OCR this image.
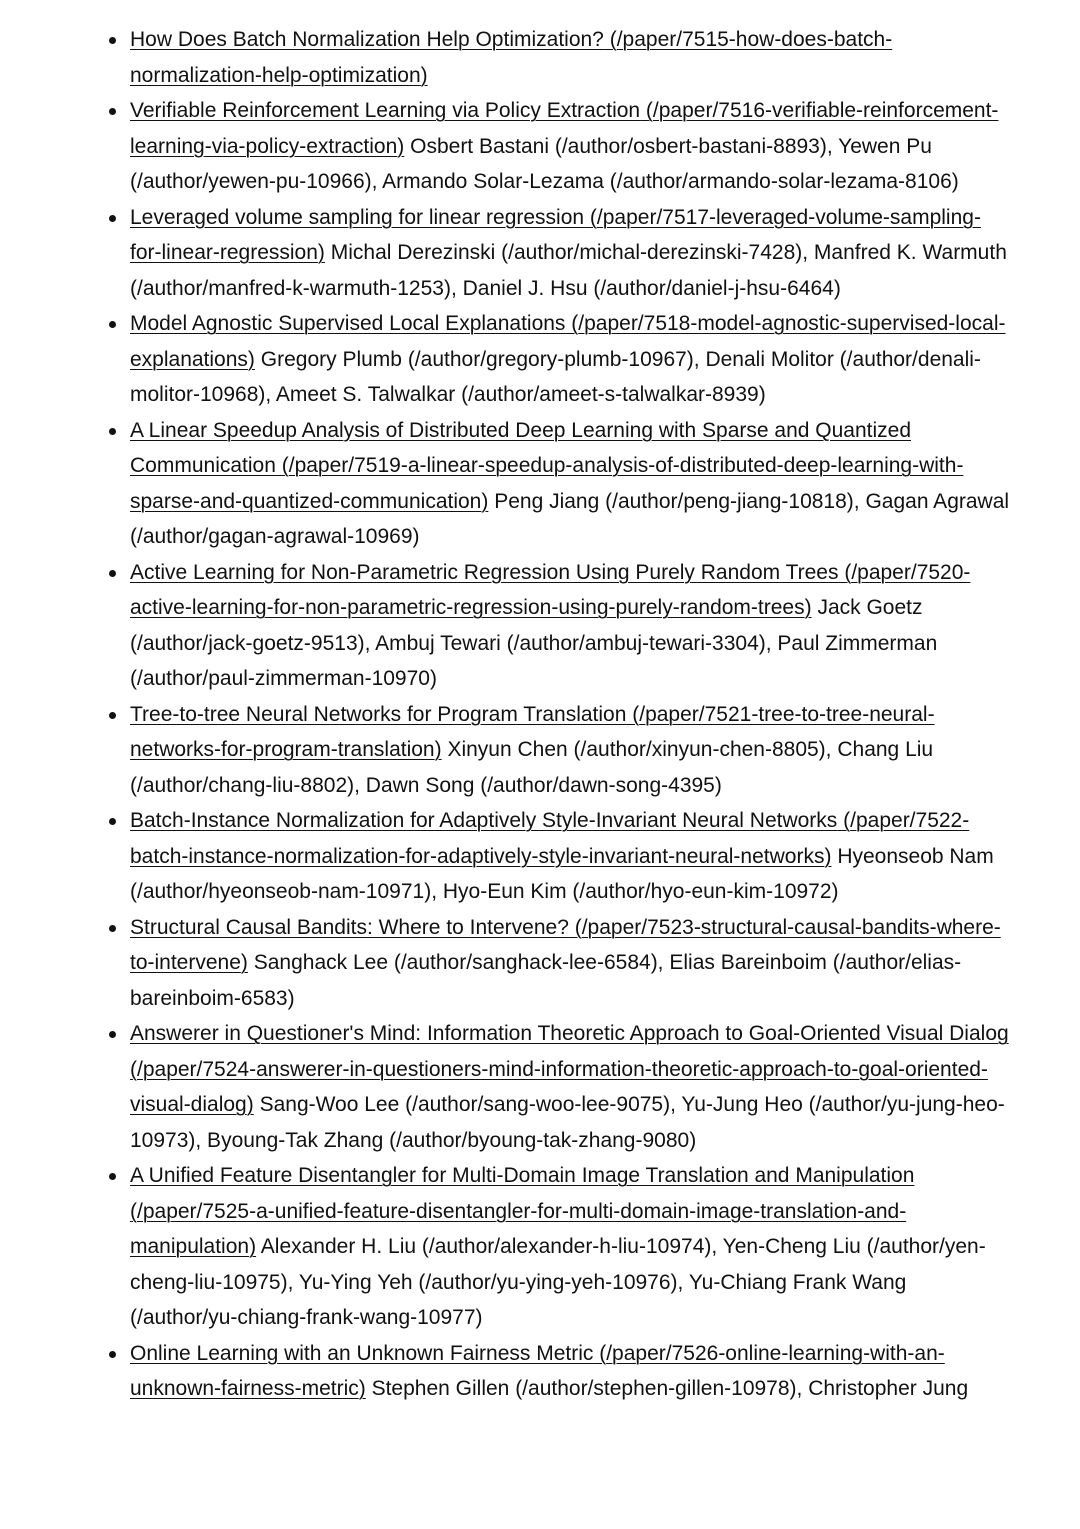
How Does Batch Normalization Help Optimization? (/paper/7515-how-does-batch-normalization-help-optimization)
Verifiable Reinforcement Learning via Policy Extraction (/paper/7516-verifiable-reinforcement-learning-via-policy-extraction) Osbert Bastani (/author/osbert-bastani-8893), Yewen Pu (/author/yewen-pu-10966), Armando Solar-Lezama (/author/armando-solar-lezama-8106)
Leveraged volume sampling for linear regression (/paper/7517-leveraged-volume-sampling-for-linear-regression) Michal Derezinski (/author/michal-derezinski-7428), Manfred K. Warmuth (/author/manfred-k-warmuth-1253), Daniel J. Hsu (/author/daniel-j-hsu-6464)
Model Agnostic Supervised Local Explanations (/paper/7518-model-agnostic-supervised-local-explanations) Gregory Plumb (/author/gregory-plumb-10967), Denali Molitor (/author/denali-molitor-10968), Ameet S. Talwalkar (/author/ameet-s-talwalkar-8939)
A Linear Speedup Analysis of Distributed Deep Learning with Sparse and Quantized Communication (/paper/7519-a-linear-speedup-analysis-of-distributed-deep-learning-with-sparse-and-quantized-communication) Peng Jiang (/author/peng-jiang-10818), Gagan Agrawal (/author/gagan-agrawal-10969)
Active Learning for Non-Parametric Regression Using Purely Random Trees (/paper/7520-active-learning-for-non-parametric-regression-using-purely-random-trees) Jack Goetz (/author/jack-goetz-9513), Ambuj Tewari (/author/ambuj-tewari-3304), Paul Zimmerman (/author/paul-zimmerman-10970)
Tree-to-tree Neural Networks for Program Translation (/paper/7521-tree-to-tree-neural-networks-for-program-translation) Xinyun Chen (/author/xinyun-chen-8805), Chang Liu (/author/chang-liu-8802), Dawn Song (/author/dawn-song-4395)
Batch-Instance Normalization for Adaptively Style-Invariant Neural Networks (/paper/7522-batch-instance-normalization-for-adaptively-style-invariant-neural-networks) Hyeonseob Nam (/author/hyeonseob-nam-10971), Hyo-Eun Kim (/author/hyo-eun-kim-10972)
Structural Causal Bandits: Where to Intervene? (/paper/7523-structural-causal-bandits-where-to-intervene) Sanghack Lee (/author/sanghack-lee-6584), Elias Bareinboim (/author/elias-bareinboim-6583)
Answerer in Questioner's Mind: Information Theoretic Approach to Goal-Oriented Visual Dialog (/paper/7524-answerer-in-questioners-mind-information-theoretic-approach-to-goal-oriented-visual-dialog) Sang-Woo Lee (/author/sang-woo-lee-9075), Yu-Jung Heo (/author/yu-jung-heo-10973), Byoung-Tak Zhang (/author/byoung-tak-zhang-9080)
A Unified Feature Disentangler for Multi-Domain Image Translation and Manipulation (/paper/7525-a-unified-feature-disentangler-for-multi-domain-image-translation-and-manipulation) Alexander H. Liu (/author/alexander-h-liu-10974), Yen-Cheng Liu (/author/yen-cheng-liu-10975), Yu-Ying Yeh (/author/yu-ying-yeh-10976), Yu-Chiang Frank Wang (/author/yu-chiang-frank-wang-10977)
Online Learning with an Unknown Fairness Metric (/paper/7526-online-learning-with-an-unknown-fairness-metric) Stephen Gillen (/author/stephen-gillen-10978), Christopher Jung
